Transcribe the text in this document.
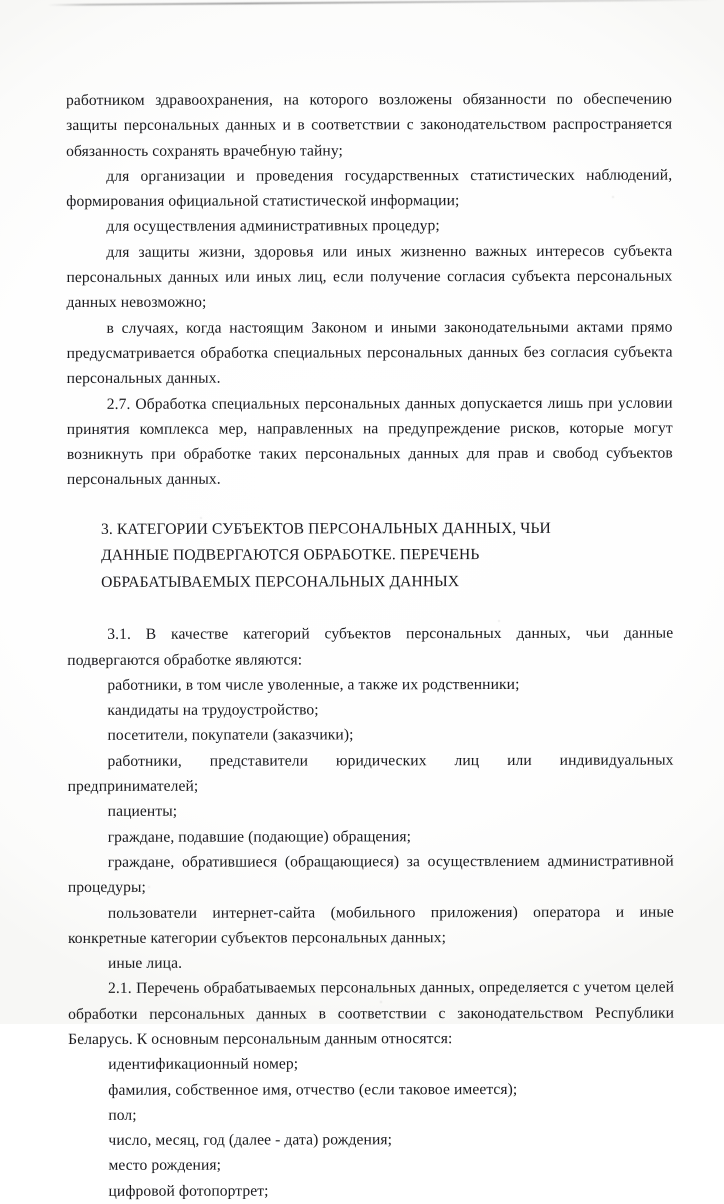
работником здравоохранения, на которого возложены обязанности по обеспечению защиты персональных данных и в соответствии с законодательством распространяется обязанность сохранять врачебную тайну;

для организации и проведения государственных статистических наблюдений, формирования официальной статистической информации;

для осуществления административных процедур;

для защиты жизни, здоровья или иных жизненно важных интересов субъекта персональных данных или иных лиц, если получение согласия субъекта персональных данных невозможно;

в случаях, когда настоящим Законом и иными законодательными актами прямо предусматривается обработка специальных персональных данных без согласия субъекта персональных данных.

2.7. Обработка специальных персональных данных допускается лишь при условии принятия комплекса мер, направленных на предупреждение рисков, которые могут возникнуть при обработке таких персональных данных для прав и свобод субъектов персональных данных.

3. КАТЕГОРИИ СУБЪЕКТОВ ПЕРСОНАЛЬНЫХ ДАННЫХ, ЧЬИ

ДАННЫЕ ПОДВЕРГАЮТСЯ ОБРАБОТКЕ. ПЕРЕЧЕНЬ

ОБРАБАТЫВАЕМЫХ ПЕРСОНАЛЬНЫХ ДАННЫХ

3.1. В качестве категорий субъектов персональных данных, чьи данные подвергаются обработке являются:

работники, в том числе уволенные, а также их родственники;

кандидаты на трудоустройство;

посетители, покупатели (заказчики);

работники, представители юридических лиц или индивидуальных предпринимателей;

пациенты;

граждане, подавшие (подающие) обращения;

граждане, обратившиеся (обращающиеся) за осуществлением административной процедуры;

пользователи интернет-сайта (мобильного приложения) оператора и иные конкретные категории субъектов персональных данных;

иные лица.

2.1. Перечень обрабатываемых персональных данных, определяется с учетом целей обработки персональных данных в соответствии с законодательством Республики Беларусь. К основным персональным данным относятся:

идентификационный номер;

фамилия, собственное имя, отчество (если таковое имеется);

пол;

число, месяц, год (далее - дата) рождения;

место рождения;

цифровой фотопортрет;
